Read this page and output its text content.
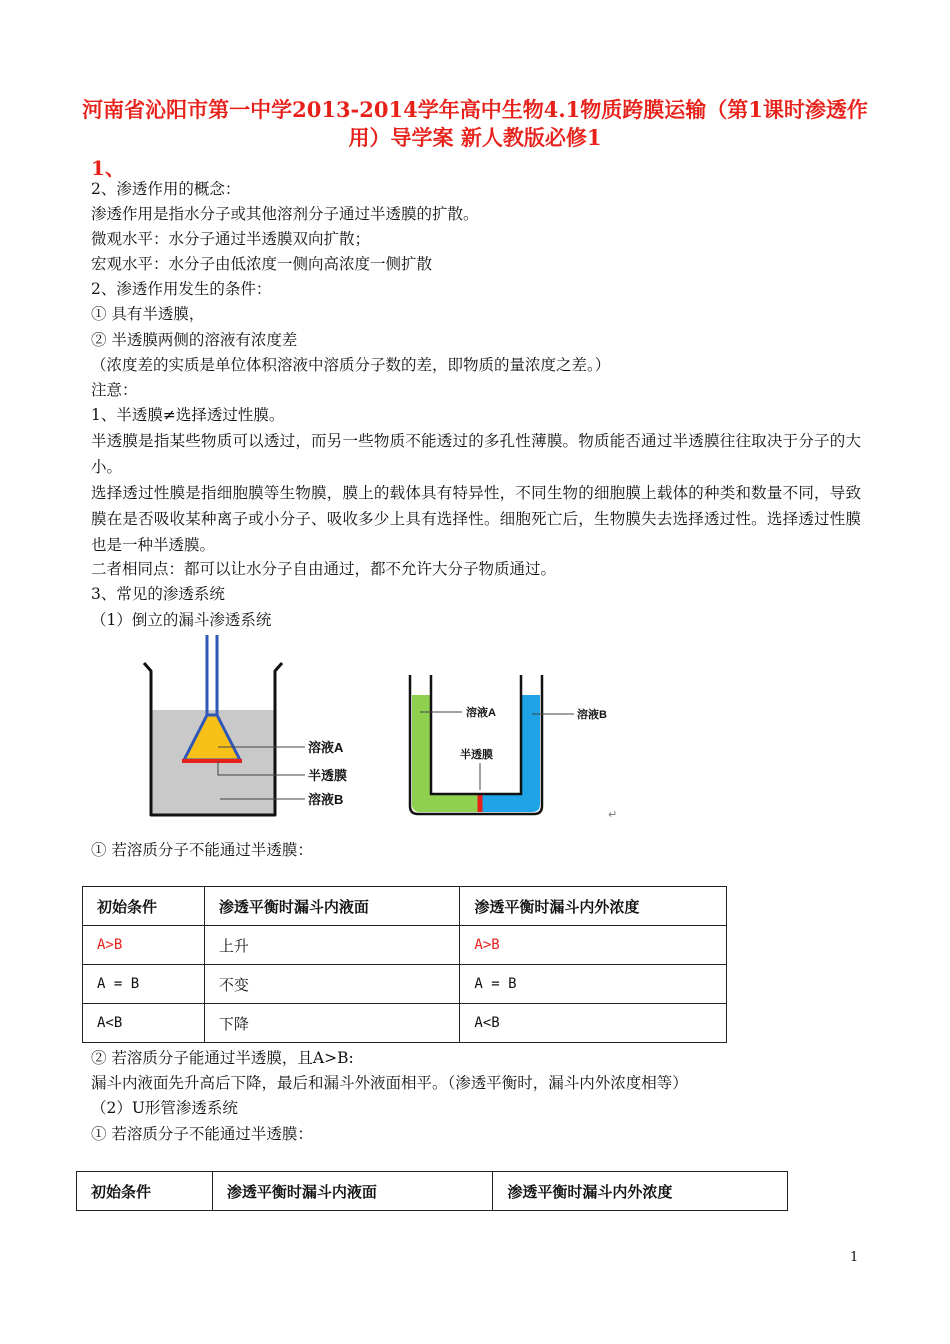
河南省沁阳市第一中学2013-2014学年高中生物4.1物质跨膜运输（第1课时渗透作用）导学案 新人教版必修1
1、
2、渗透作用的概念：
渗透作用是指水分子或其他溶剂分子通过半透膜的扩散。
微观水平：水分子通过半透膜双向扩散；
宏观水平：水分子由低浓度一侧向高浓度一侧扩散
2、渗透作用发生的条件：
① 具有半透膜，
② 半透膜两侧的溶液有浓度差
（浓度差的实质是单位体积溶液中溶质分子数的差，即物质的量浓度之差。）
注意：
1、半透膜≠选择透过性膜。
半透膜是指某些物质可以透过，而另一些物质不能透过的多孔性薄膜。物质能否通过半透膜往往取决于分子的大小。
选择透过性膜是指细胞膜等生物膜，膜上的载体具有特异性，不同生物的细胞膜上载体的种类和数量不同，导致膜在是否吸收某种离子或小分子、吸收多少上具有选择性。细胞死亡后，生物膜失去选择透过性。选择透过性膜也是一种半透膜。
二者相同点：都可以让水分子自由通过，都不允许大分子物质通过。
3、常见的渗透系统
（1）倒立的漏斗渗透系统
溶液A
半透膜
溶液B
溶液A	溶液B
半透膜
↵
① 若溶质分子不能通过半透膜：
初始条件	渗透平衡时漏斗内液面	渗透平衡时漏斗内外浓度
A>B	上升	A>B
A = B	不变	A = B
A<B	下降	A<B
② 若溶质分子能通过半透膜，且A>B:
漏斗内液面先升高后下降，最后和漏斗外液面相平。（渗透平衡时，漏斗内外浓度相等）
（2）U形管渗透系统
① 若溶质分子不能通过半透膜：
初始条件	渗透平衡时漏斗内液面	渗透平衡时漏斗内外浓度
1
